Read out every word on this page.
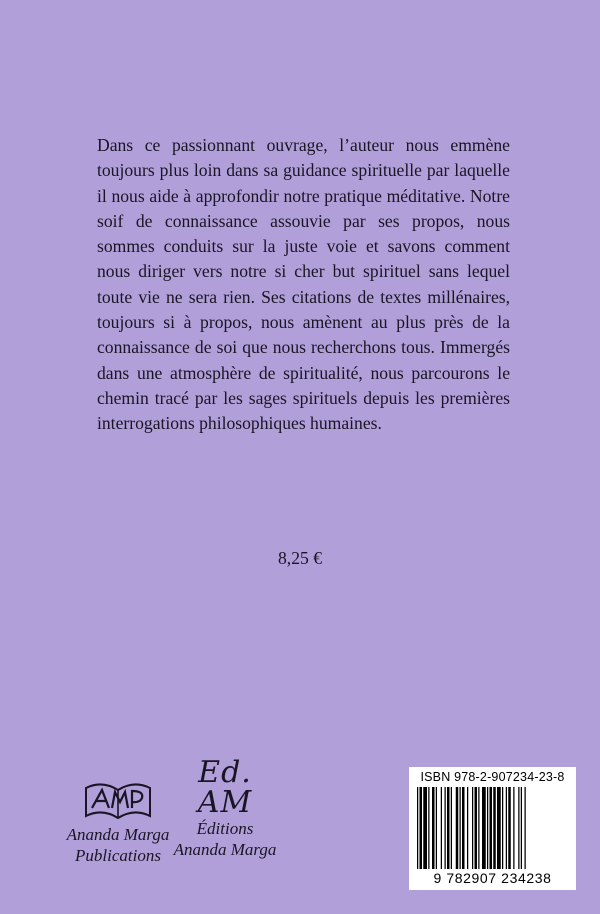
Dans ce passionnant ouvrage, l’auteur nous emmène toujours plus loin dans sa guidance spirituelle par laquelle il nous aide à approfondir notre pratique méditative. Notre soif de connaissance assouvie par ses propos, nous sommes conduits sur la juste voie et savons comment nous diriger vers notre si cher but spirituel sans lequel toute vie ne sera rien. Ses citations de textes millénaires, toujours si à propos, nous amènent au plus près de la connaissance de soi que nous recherchons tous. Immergés dans une atmosphère de spiritualité, nous parcourons le chemin tracé par les sages spirituels depuis les premières interrogations philosophiques humaines.

8,25 €
Ananda Marga
Publications
Ed.
AM
Éditions
Ananda Marga
ISBN 978-2-907234-23-8
9 782907 234238
